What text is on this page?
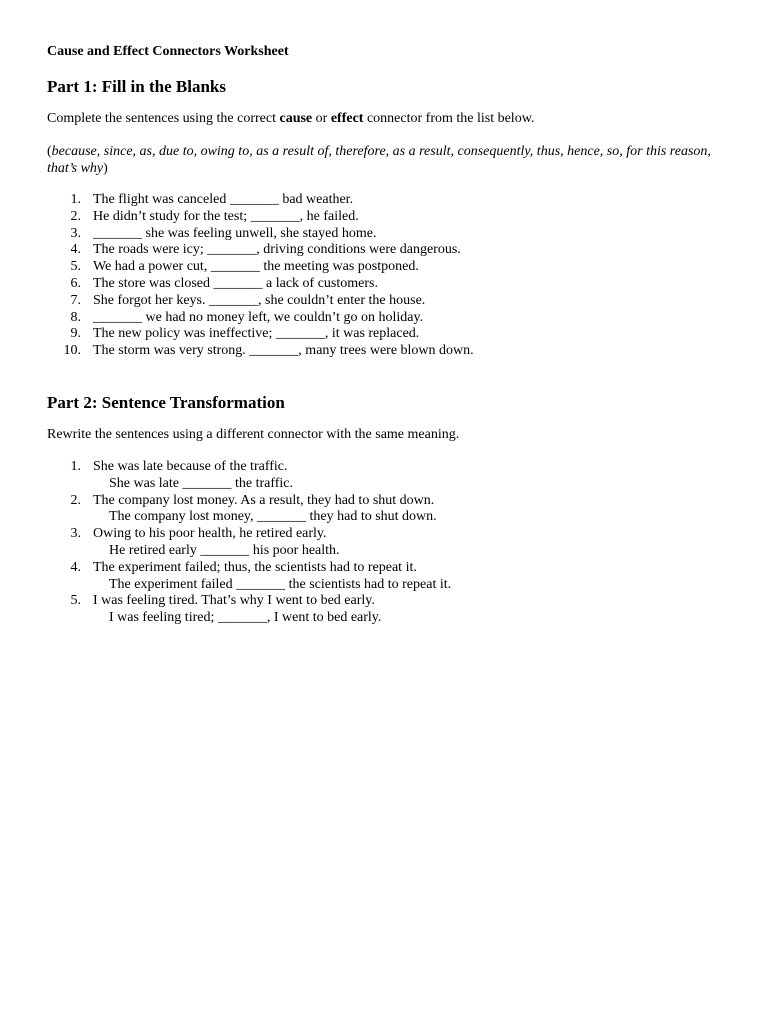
Cause and Effect Connectors Worksheet

Part 1: Fill in the Blanks

Complete the sentences using the correct cause or effect connector from the list below.

(because, since, as, due to, owing to, as a result of, therefore, as a result, consequently, thus, hence, so, for this reason, that’s why)

1. The flight was canceled _______ bad weather.
2. He didn’t study for the test; _______, he failed.
3. _______ she was feeling unwell, she stayed home.
4. The roads were icy; _______, driving conditions were dangerous.
5. We had a power cut, _______ the meeting was postponed.
6. The store was closed _______ a lack of customers.
7. She forgot her keys. _______, she couldn’t enter the house.
8. _______ we had no money left, we couldn’t go on holiday.
9. The new policy was ineffective; _______, it was replaced.
10. The storm was very strong. _______, many trees were blown down.
Part 2: Sentence Transformation

Rewrite the sentences using a different connector with the same meaning.

1. She was late because of the traffic.
She was late _______ the traffic.
2. The company lost money. As a result, they had to shut down.
The company lost money, _______ they had to shut down.
3. Owing to his poor health, he retired early.
He retired early _______ his poor health.
4. The experiment failed; thus, the scientists had to repeat it.
The experiment failed _______ the scientists had to repeat it.
5. I was feeling tired. That’s why I went to bed early.
I was feeling tired; _______, I went to bed early.
